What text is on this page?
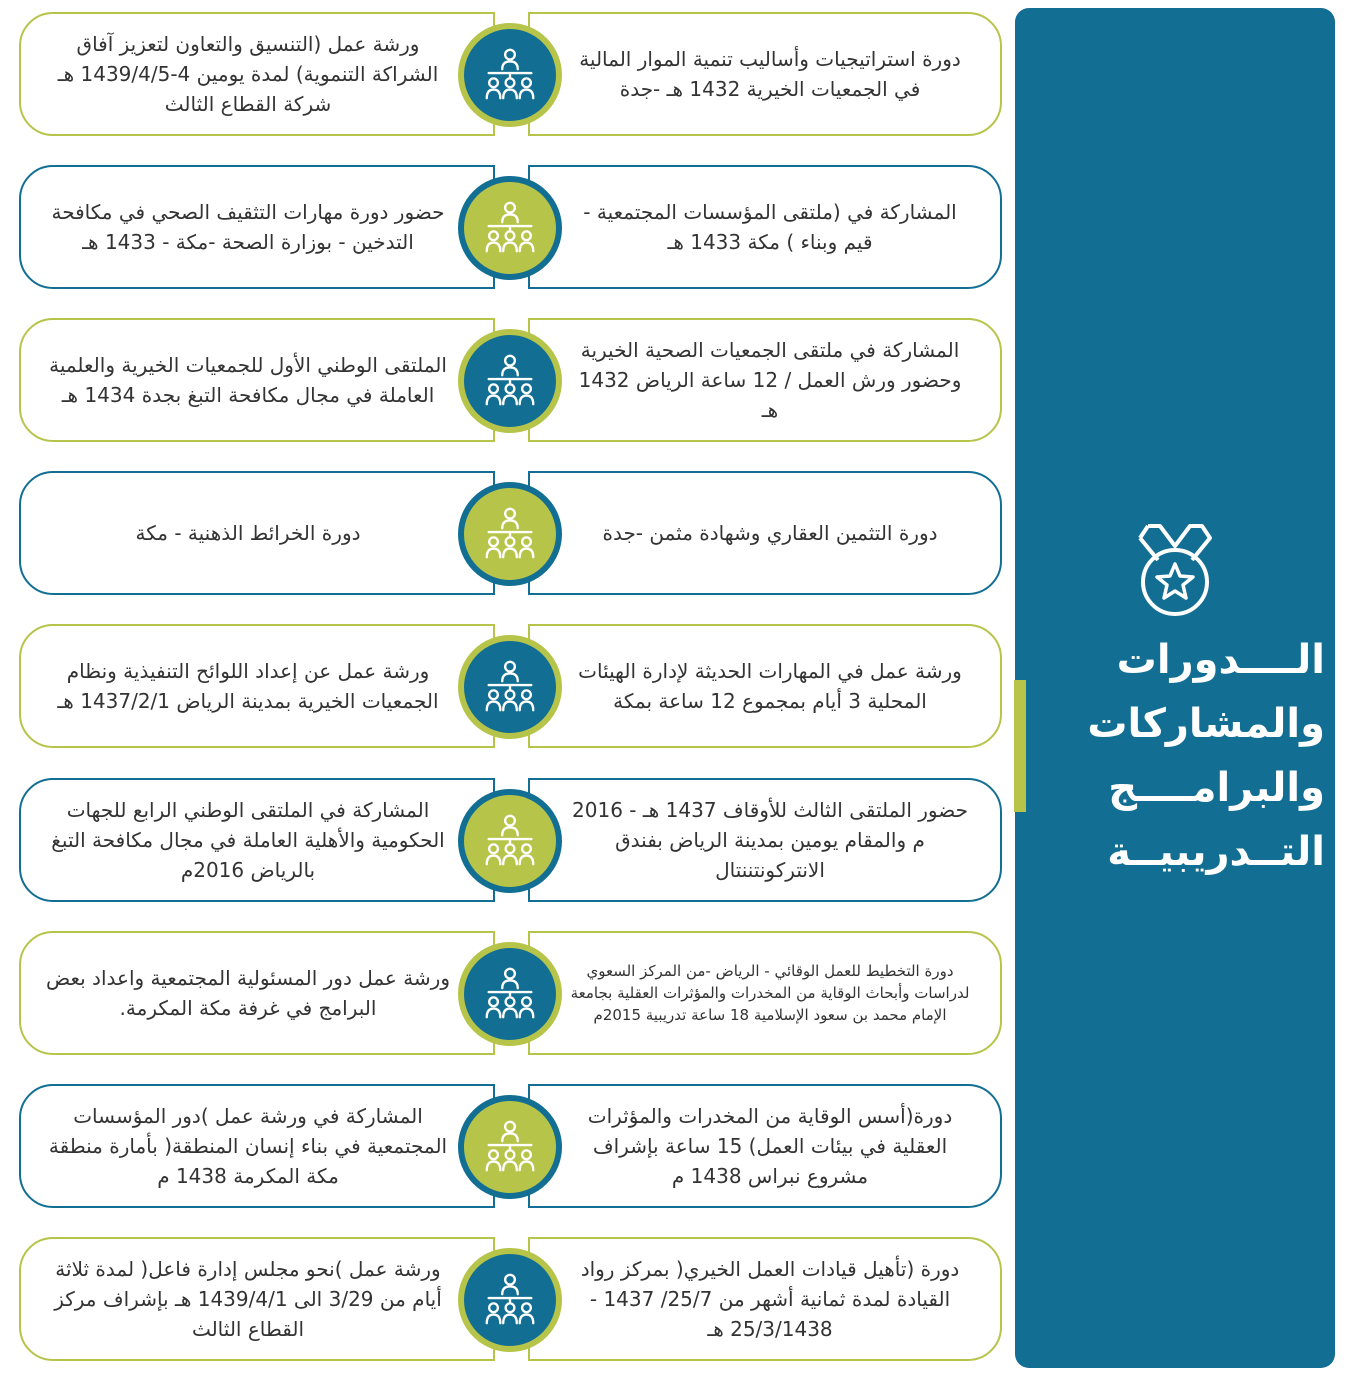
الــــدورات
والمشاركات
والبرامــــج
التــدريبيــة
ورشة عمل (التنسيق والتعاون لتعزيز آفاق الشراكة التنموية) لمدة يومين 4-1439/4/5 هـ شركة القطاع الثالث
دورة استراتيجيات وأساليب تنمية الموار المالية في الجمعيات الخيرية 1432 هـ -جدة
حضور دورة مهارات التثقيف الصحي في مكافحة التدخين - بوزارة الصحة -مكة - 1433 هـ
المشاركة في (ملتقى المؤسسات المجتمعية - قيم وبناء ) مكة 1433 هـ
الملتقى الوطني الأول للجمعيات الخيرية والعلمية العاملة في مجال مكافحة التبغ بجدة 1434 هـ
المشاركة في ملتقى الجمعيات الصحية الخيرية وحضور ورش العمل / 12 ساعة الرياض 1432 هـ
دورة الخرائط الذهنية - مكة	دورة التثمين العقاري وشهادة مثمن -جدة
ورشة عمل عن إعداد اللوائح التنفيذية ونظام الجمعيات الخيرية بمدينة الرياض 1437/2/1 هـ
ورشة عمل في المهارات الحديثة لإدارة الهيئات المحلية 3 أيام بمجموع 12 ساعة بمكة
المشاركة في الملتقى الوطني الرابع للجهات الحكومية والأهلية العاملة في مجال مكافحة التبغ بالرياض 2016م
حضور الملتقى الثالث للأوقاف 1437 هـ - 2016 م والمقام يومين بمدينة الرياض بفندق الانتركونتننتال
ورشة عمل دور المسئولية المجتمعية واعداد بعض البرامج في غرفة مكة المكرمة.
دورة التخطيط للعمل الوقائي - الرياض -من المركز السعوي لدراسات وأبحاث الوقاية من المخدرات والمؤثرات العقلية بجامعة الإمام محمد بن سعود الإسلامية 18 ساعة تدريبية 2015م
المشاركة في ورشة عمل )دور المؤسسات المجتمعية في بناء إنسان المنطقة( بأمارة منطقة مكة المكرمة 1438 م
دورة(أسس الوقاية من المخدرات والمؤثرات العقلية في بيئات العمل) 15 ساعة بإشراف مشروع نبراس 1438 م
ورشة عمل )نحو مجلس إدارة فاعل( لمدة ثلاثة أيام من 3/29 الى 1439/4/1 هـ بإشراف مركز القطاع الثالث
دورة (تأهيل قيادات العمل الخيري( بمركز رواد القيادة لمدة ثمانية أشهر من 25/7/ 1437 - 25/3/1438 هـ
